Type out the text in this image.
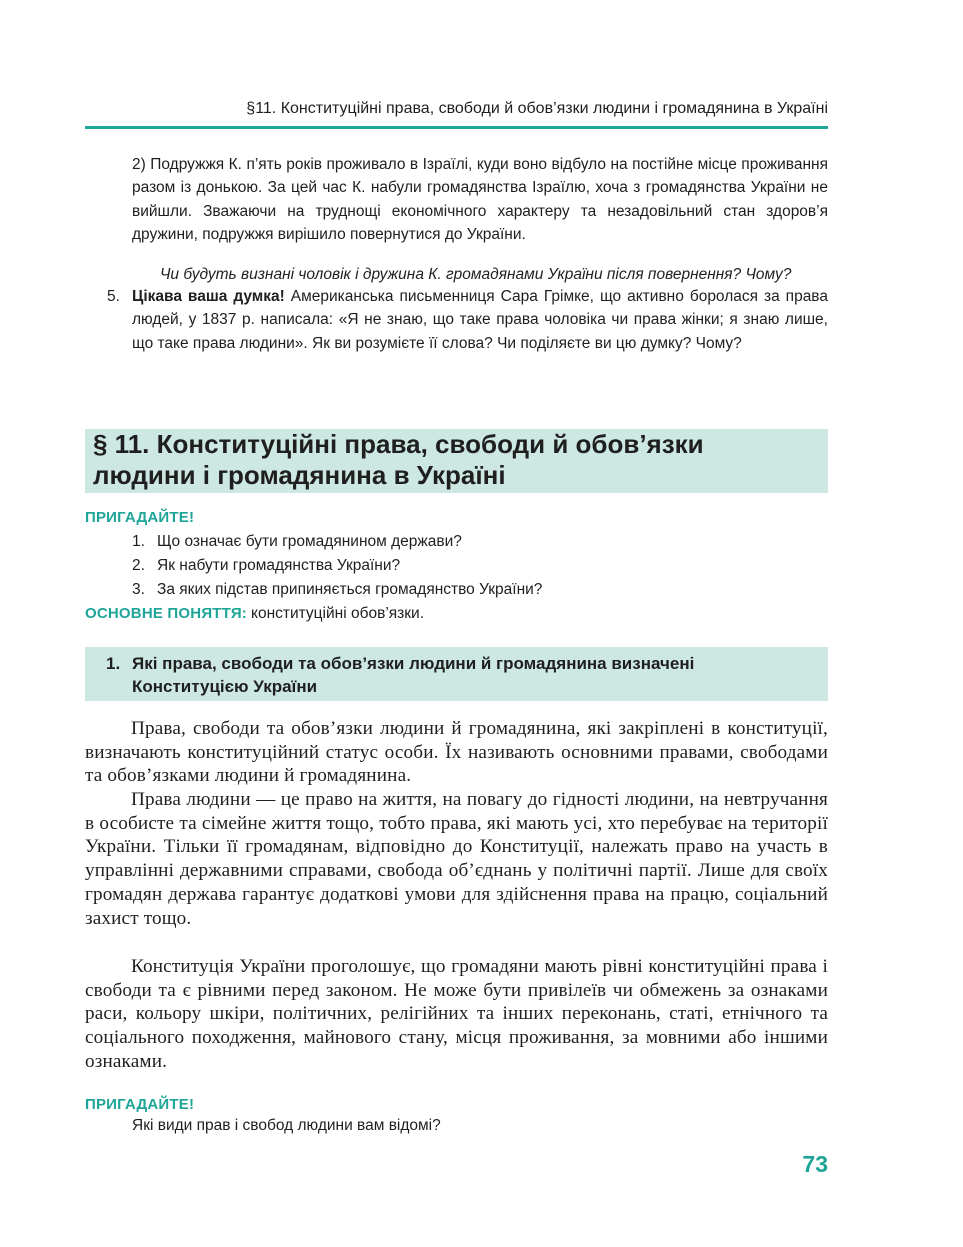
§11. Конституційні права, свободи й обов’язки людини і громадянина в Україні
2) Подружжя К. п’ять років проживало в Ізраїлі, куди воно відбуло на постійне місце проживання разом із донькою. За цей час К. набули громадянства Ізраїлю, хоча з громадянства України не вийшли. Зважаючи на труднощі економічного характеру та незадовільний стан здоров’я дружини, подружжя вирішило повернутися до України.
Чи будуть визнані чоловік і дружина К. громадянами України після повернення? Чому?
5. Цікава ваша думка! Американська письменниця Сара Грімке, що активно боролася за права людей, у 1837 р. написала: «Я не знаю, що таке права чоловіка чи права жінки; я знаю лише, що таке права людини». Як ви розумієте її слова? Чи поділяєте ви цю думку? Чому?
§ 11. Конституційні права, свободи й обов’язки
людини і громадянина в Україні
ПРИГАДАЙТЕ!
1. Що означає бути громадянином держави?
2. Як набути громадянства України?
3. За яких підстав припиняється громадянство України?
ОСНОВНЕ ПОНЯТТЯ: конституційні обов’язки.
1. Які права, свободи та обов’язки людини й громадянина визначені Конституцією України

Права, свободи та обов’язки людини й громадянина, які закріплені в конституції, визначають конституційний статус особи. Їх називають основними правами, свободами та обов’язками людини й громадянина.

Права людини — це право на життя, на повагу до гідності людини, на невтручання в особисте та сімейне життя тощо, тобто права, які мають усі, хто перебуває на території України. Тільки її громадянам, відповідно до Конституції, належать право на участь в управлінні державними справами, свобода об’єднань у політичні партії. Лише для своїх громадян держава гарантує додаткові умови для здійснення права на працю, соціальний захист тощо.

Конституція України проголошує, що громадяни мають рівні конституційні права і свободи та є рівними перед законом. Не може бути привілеїв чи обмежень за ознаками раси, кольору шкіри, політичних, релігійних та інших переконань, статі, етнічного та соціального походження, майнового стану, місця проживання, за мовними або іншими ознаками.

ПРИГАДАЙТЕ!
Які види прав і свобод людини вам відомі?
73
